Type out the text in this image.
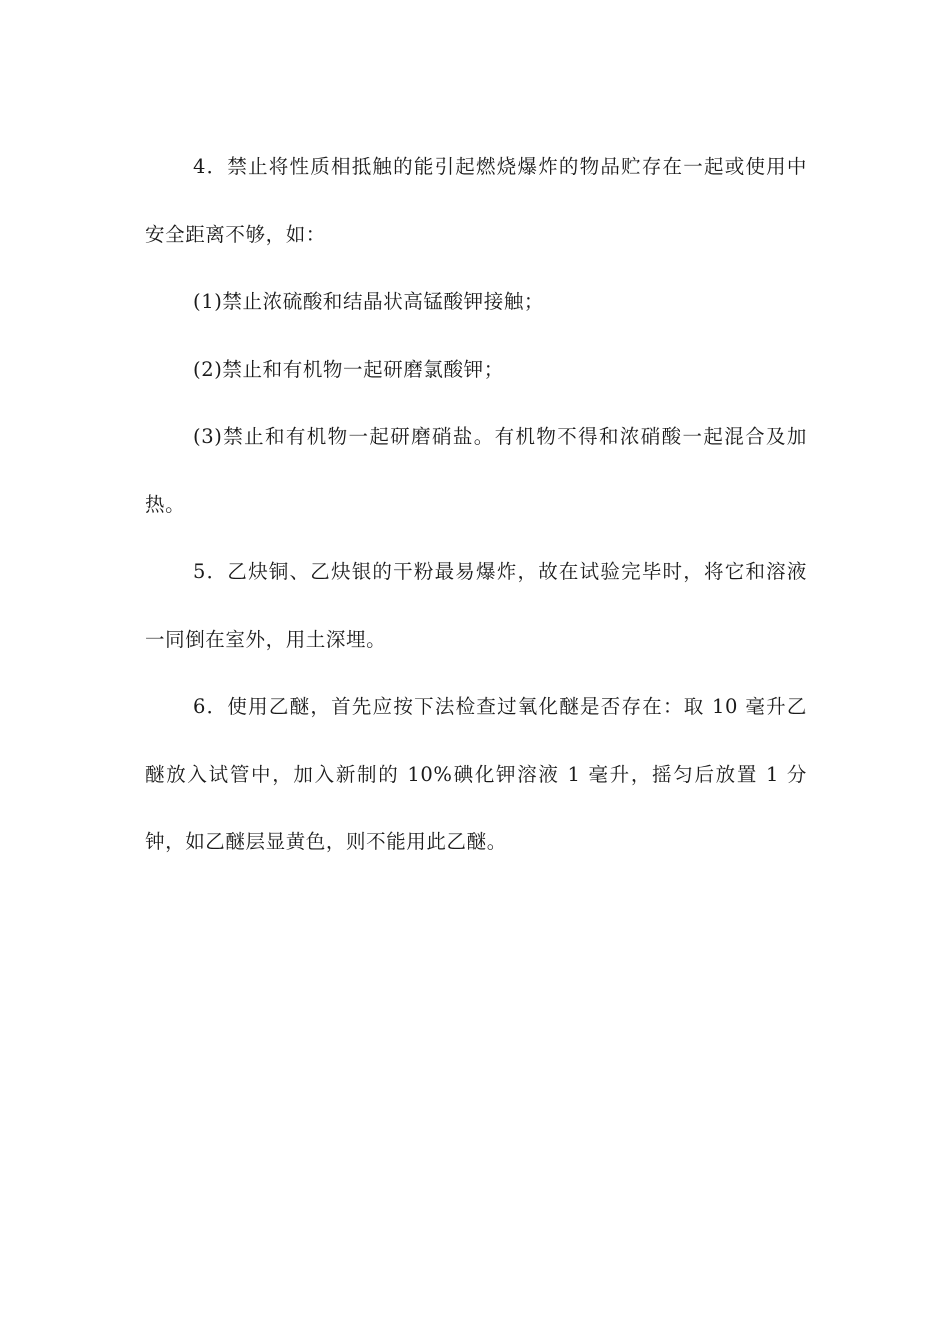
4．禁止将性质相抵触的能引起燃烧爆炸的物品贮存在一起或使用中安全距离不够，如：

(1)禁止浓硫酸和结晶状高锰酸钾接触；

(2)禁止和有机物一起研磨氯酸钾；

(3)禁止和有机物一起研磨硝盐。有机物不得和浓硝酸一起混合及加热。

5．乙炔铜、乙炔银的干粉最易爆炸，故在试验完毕时，将它和溶液一同倒在室外，用土深埋。

6．使用乙醚，首先应按下法检查过氧化醚是否存在：取 10 毫升乙醚放入试管中，加入新制的 10%碘化钾溶液 1 毫升，摇匀后放置 1 分钟，如乙醚层显黄色，则不能用此乙醚。
